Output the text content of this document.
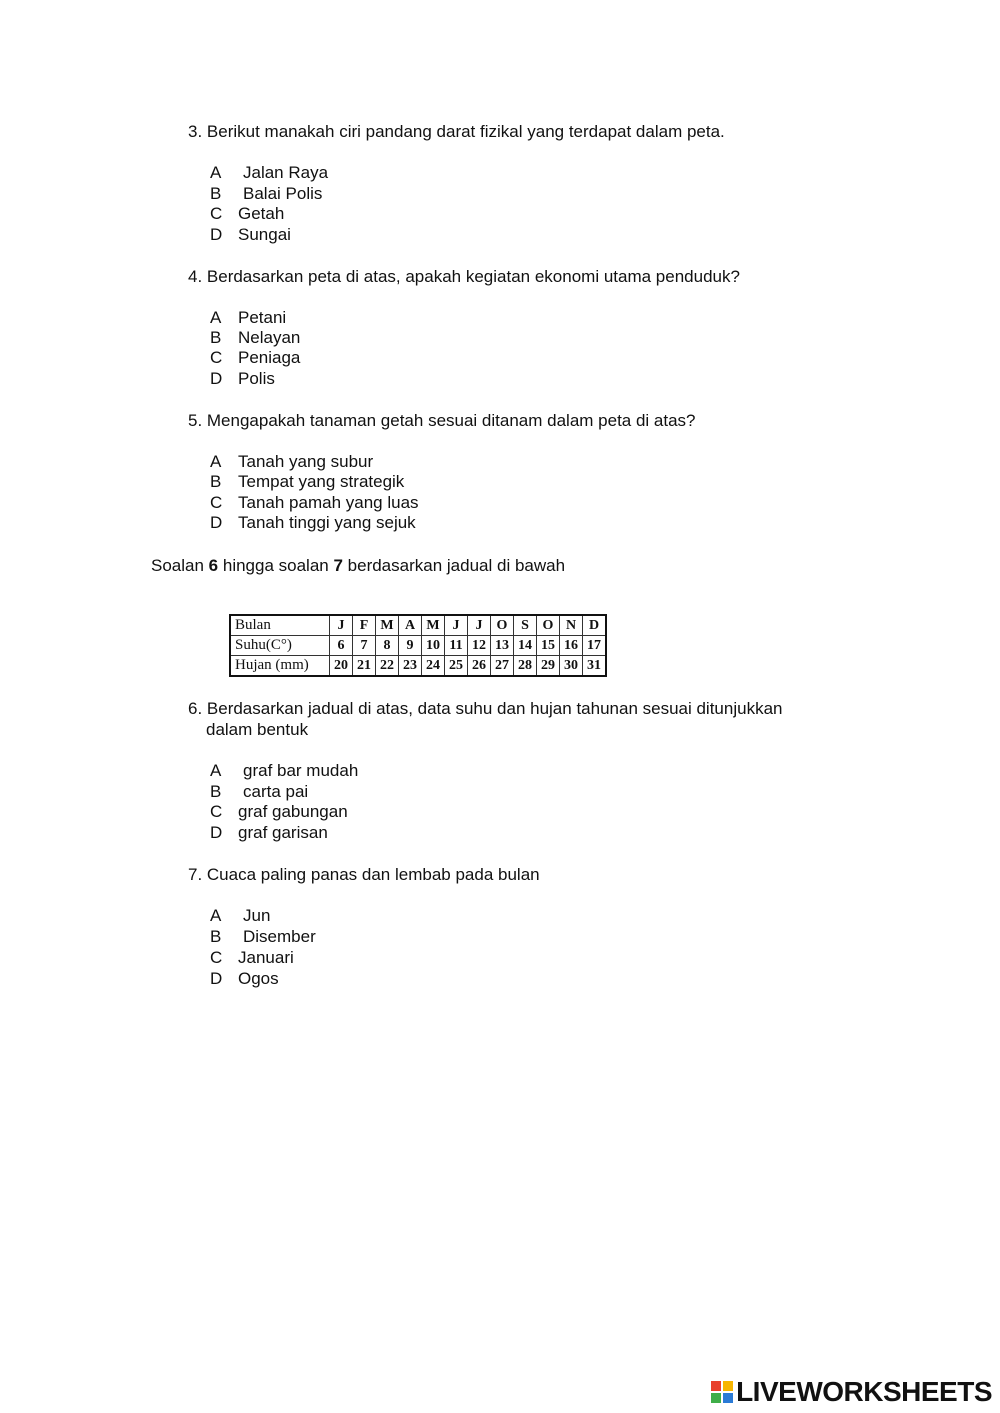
3. Berikut manakah ciri pandang darat fizikal yang terdapat dalam peta.
A Jalan Raya
B Balai Polis
C Getah
D Sungai
4. Berdasarkan peta di atas, apakah kegiatan ekonomi utama penduduk?
A Petani
B Nelayan
C Peniaga
D Polis
5. Mengapakah tanaman getah sesuai ditanam dalam peta di atas?
A Tanah yang subur
B Tempat yang strategik
C Tanah pamah yang luas
D Tanah tinggi yang sejuk
Soalan 6 hingga soalan 7 berdasarkan jadual di bawah
Bulan	J	F	M	A	M	J	J	O	S	O	N	D
Suhu(C°)	6	7	8	9	10	11	12	13	14	15	16	17
Hujan (mm)	20	21	22	23	24	25	26	27	28	29	30	31
6. Berdasarkan jadual di atas, data suhu dan hujan tahunan sesuai ditunjukkan
dalam bentuk
A graf bar mudah
B carta pai
C graf gabungan
D graf garisan
7. Cuaca paling panas dan lembab pada bulan
A Jun
B Disember
C Januari
D Ogos
LIVEWORKSHEETS
